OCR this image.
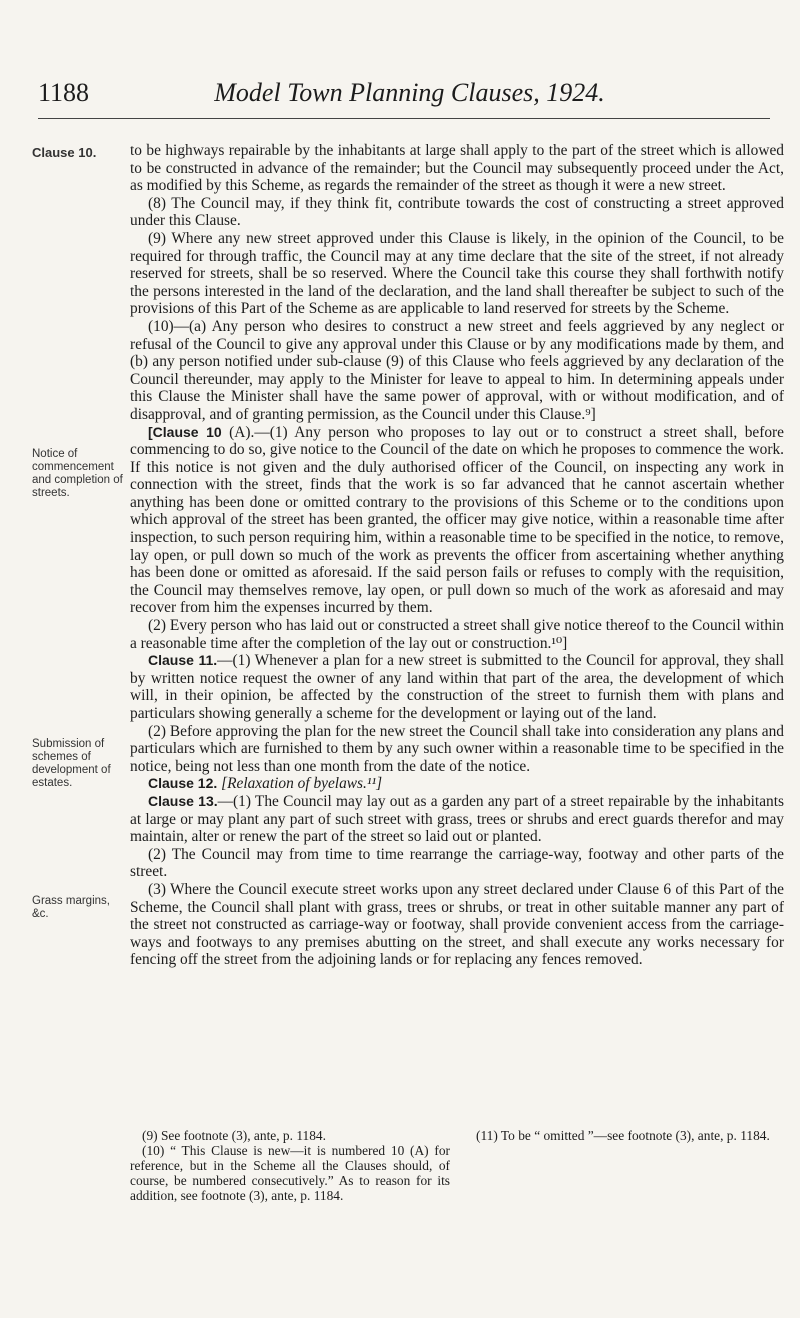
1188	Model Town Planning Clauses, 1924.
Clause 10.
Notice of commencement and completion of streets.
Submission of schemes of development of estates.
Grass margins, &c.

to be highways repairable by the inhabitants at large shall apply to the part of the street which is allowed to be constructed in advance of the remainder; but the Council may subsequently proceed under the Act, as modified by this Scheme, as regards the remainder of the street as though it were a new street.

(8) The Council may, if they think fit, contribute towards the cost of constructing a street approved under this Clause.

(9) Where any new street approved under this Clause is likely, in the opinion of the Council, to be required for through traffic, the Council may at any time declare that the site of the street, if not already reserved for streets, shall be so reserved. Where the Council take this course they shall forthwith notify the persons interested in the land of the declaration, and the land shall thereafter be subject to such of the provisions of this Part of the Scheme as are applicable to land reserved for streets by the Scheme.

(10)—(a) Any person who desires to construct a new street and feels aggrieved by any neglect or refusal of the Council to give any approval under this Clause or by any modifications made by them, and (b) any person notified under sub-clause (9) of this Clause who feels aggrieved by any declaration of the Council thereunder, may apply to the Minister for leave to appeal to him. In determining appeals under this Clause the Minister shall have the same power of approval, with or without modification, and of disapproval, and of granting permission, as the Council under this Clause.⁹]

[Clause 10 (A).—(1) Any person who proposes to lay out or to construct a street shall, before commencing to do so, give notice to the Council of the date on which he proposes to commence the work. If this notice is not given and the duly authorised officer of the Council, on inspecting any work in connection with the street, finds that the work is so far advanced that he cannot ascertain whether anything has been done or omitted contrary to the provisions of this Scheme or to the conditions upon which approval of the street has been granted, the officer may give notice, within a reasonable time after inspection, to such person requiring him, within a reasonable time to be specified in the notice, to remove, lay open, or pull down so much of the work as prevents the officer from ascertaining whether anything has been done or omitted as aforesaid. If the said person fails or refuses to comply with the requisition, the Council may themselves remove, lay open, or pull down so much of the work as aforesaid and may recover from him the expenses incurred by them.

(2) Every person who has laid out or constructed a street shall give notice thereof to the Council within a reasonable time after the completion of the lay out or construction.¹⁰]

Clause 11.—(1) Whenever a plan for a new street is submitted to the Council for approval, they shall by written notice request the owner of any land within that part of the area, the development of which will, in their opinion, be affected by the construction of the street to furnish them with plans and particulars showing generally a scheme for the development or laying out of the land.

(2) Before approving the plan for the new street the Council shall take into consideration any plans and particulars which are furnished to them by any such owner within a reasonable time to be specified in the notice, being not less than one month from the date of the notice.

Clause 12. [Relaxation of byelaws.¹¹]

Clause 13.—(1) The Council may lay out as a garden any part of a street repairable by the inhabitants at large or may plant any part of such street with grass, trees or shrubs and erect guards therefor and may maintain, alter or renew the part of the street so laid out or planted.

(2) The Council may from time to time rearrange the carriage-way, footway and other parts of the street.

(3) Where the Council execute street works upon any street declared under Clause 6 of this Part of the Scheme, the Council shall plant with grass, trees or shrubs, or treat in other suitable manner any part of the street not constructed as carriage-way or footway, shall provide convenient access from the carriage-ways and footways to any premises abutting on the street, and shall execute any works necessary for fencing off the street from the adjoining lands or for replacing any fences removed.

(9) See footnote (3), ante, p. 1184.

(10) “ This Clause is new—it is numbered 10 (A) for reference, but in the Scheme all the Clauses should, of course, be numbered consecutively.” As to reason for its addition, see footnote (3), ante, p. 1184.

(11) To be “ omitted ”—see footnote (3), ante, p. 1184.
